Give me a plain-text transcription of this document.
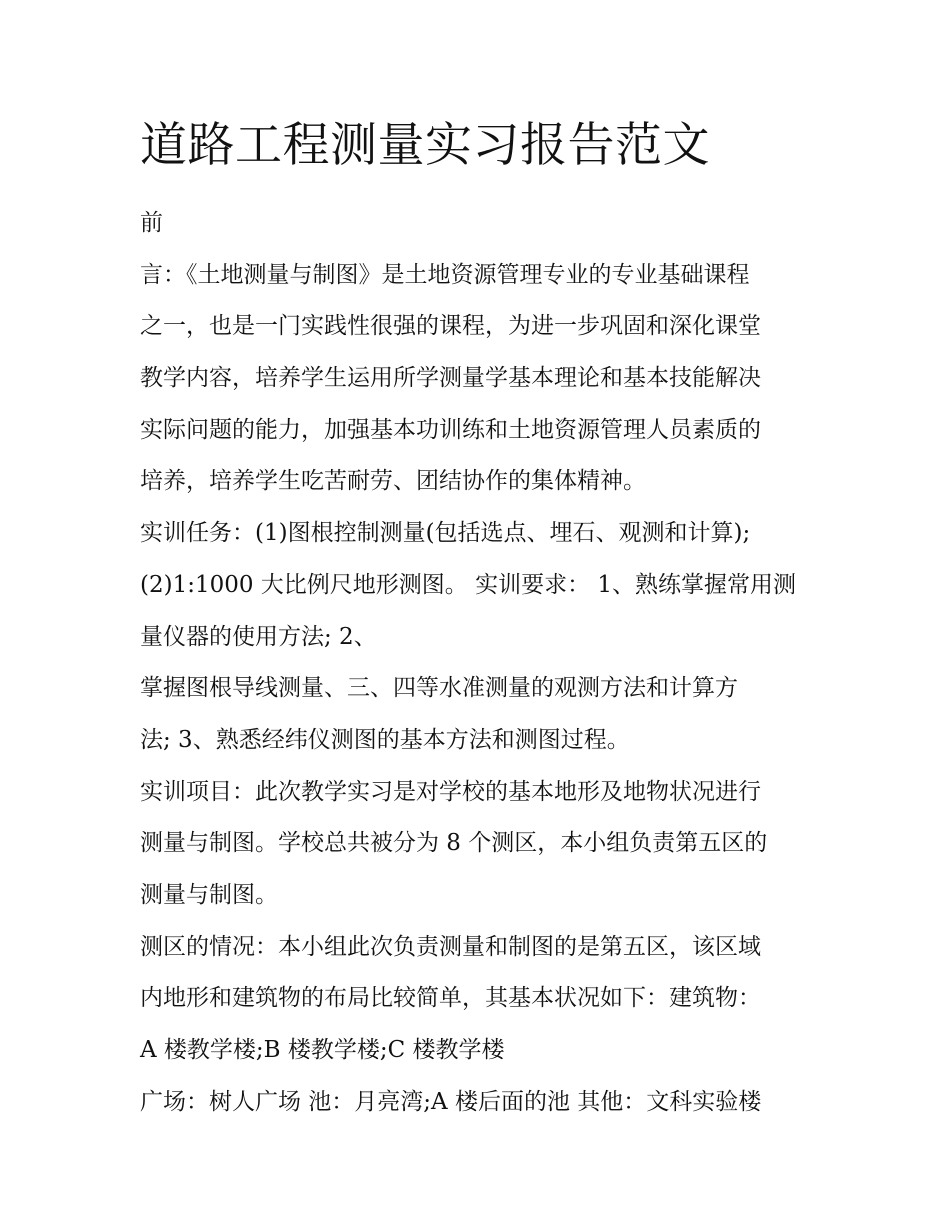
道路工程测量实习报告范文

前

言：《土地测量与制图》是土地资源管理专业的专业基础课程

之一，也是一门实践性很强的课程，为进一步巩固和深化课堂

教学内容，培养学生运用所学测量学基本理论和基本技能解决

实际问题的能力，加强基本功训练和土地资源管理人员素质的

培养，培养学生吃苦耐劳、团结协作的集体精神。

实训任务：(1)图根控制测量(包括选点、埋石、观测和计算);

(2)1:1000 大比例尺地形测图。 实训要求： 1、熟练掌握常用测

量仪器的使用方法; 2、

掌握图根导线测量、三、四等水准测量的观测方法和计算方

法; 3、熟悉经纬仪测图的基本方法和测图过程。

实训项目：此次教学实习是对学校的基本地形及地物状况进行

测量与制图。学校总共被分为 8 个测区，本小组负责第五区的

测量与制图。

测区的情况：本小组此次负责测量和制图的是第五区，该区域

内地形和建筑物的布局比较简单，其基本状况如下：建筑物：

A 楼教学楼;B 楼教学楼;C 楼教学楼

广场：树人广场 池：月亮湾;A 楼后面的池 其他：文科实验楼
